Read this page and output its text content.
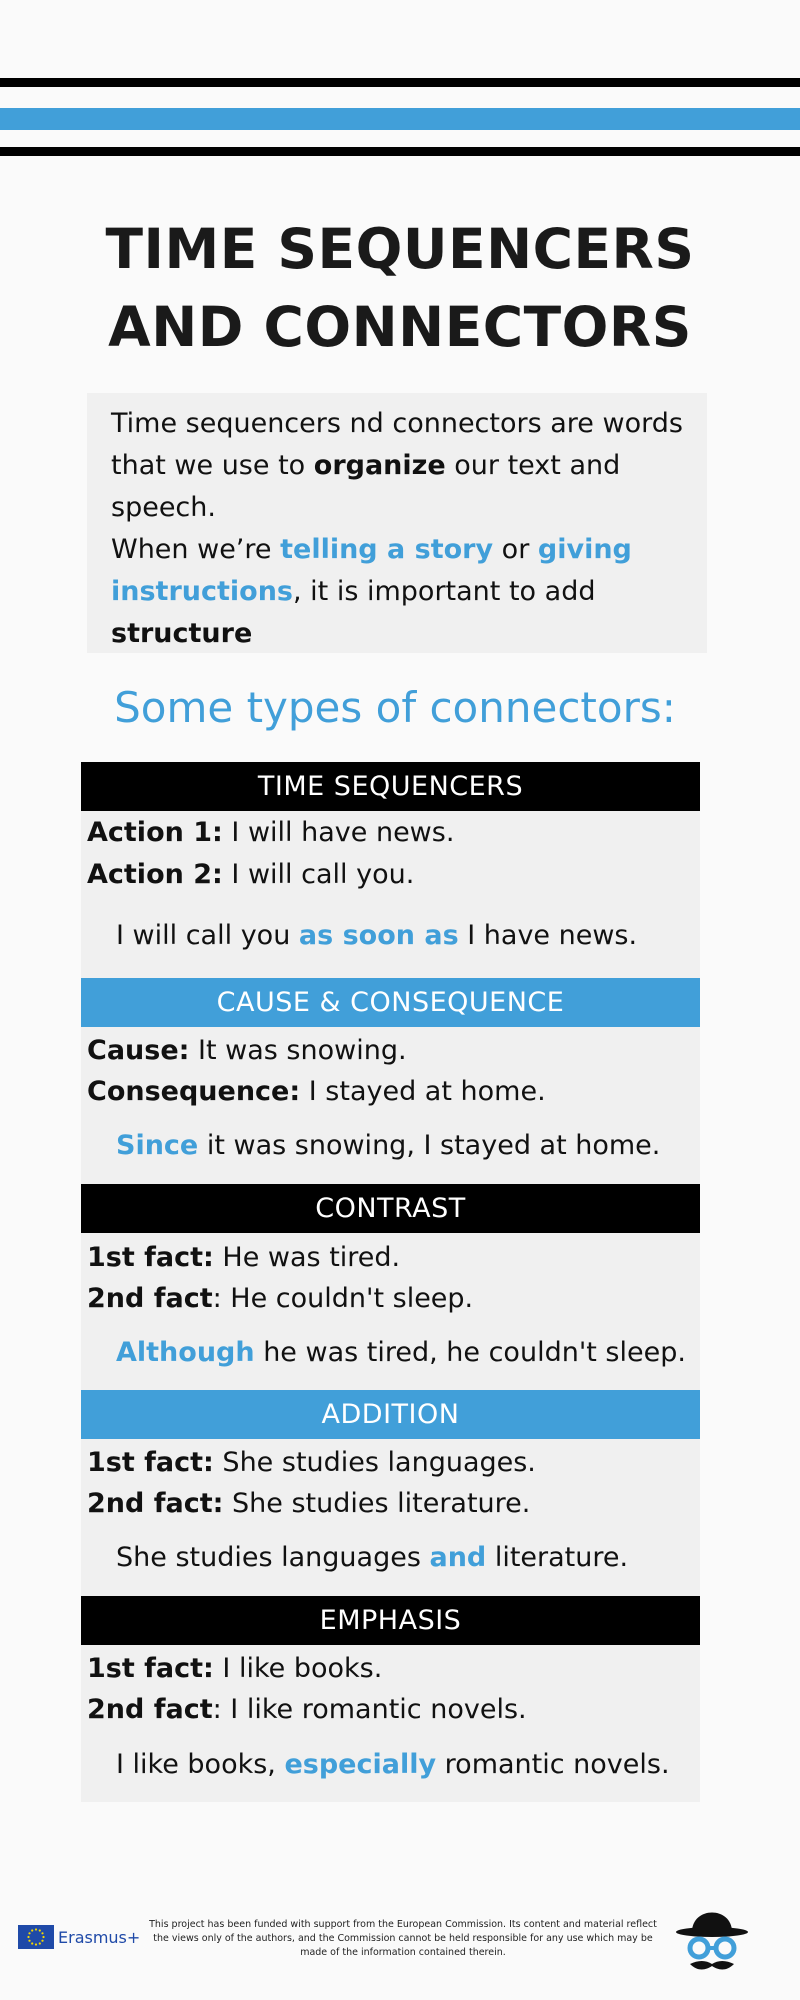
TIME SEQUENCERS
AND CONNECTORS
Time sequencers nd connectors are words that we use to organize our text and speech.
When we’re telling a story or giving instructions, it is important to add structure
Some types of connectors:
TIME SEQUENCERS
Action 1: I will have news.
Action 2: I will call you.
I will call you as soon as I have news.
CAUSE & CONSEQUENCE
Cause: It was snowing.
Consequence: I stayed at home.
Since it was snowing, I stayed at home.
CONTRAST
1st fact: He was tired.
2nd fact: He couldn't sleep.
Although he was tired, he couldn't sleep.
ADDITION
1st fact: She studies languages.
2nd fact: She studies literature.
She studies languages and literature.
EMPHASIS
1st fact: I like books.
2nd fact: I like romantic novels.
I like books, especially romantic novels.
Erasmus+
This project has been funded with support from the European Commission. Its content and material reflect the views only of the authors, and the Commission cannot be held responsible for any use which may be made of the information contained therein.
